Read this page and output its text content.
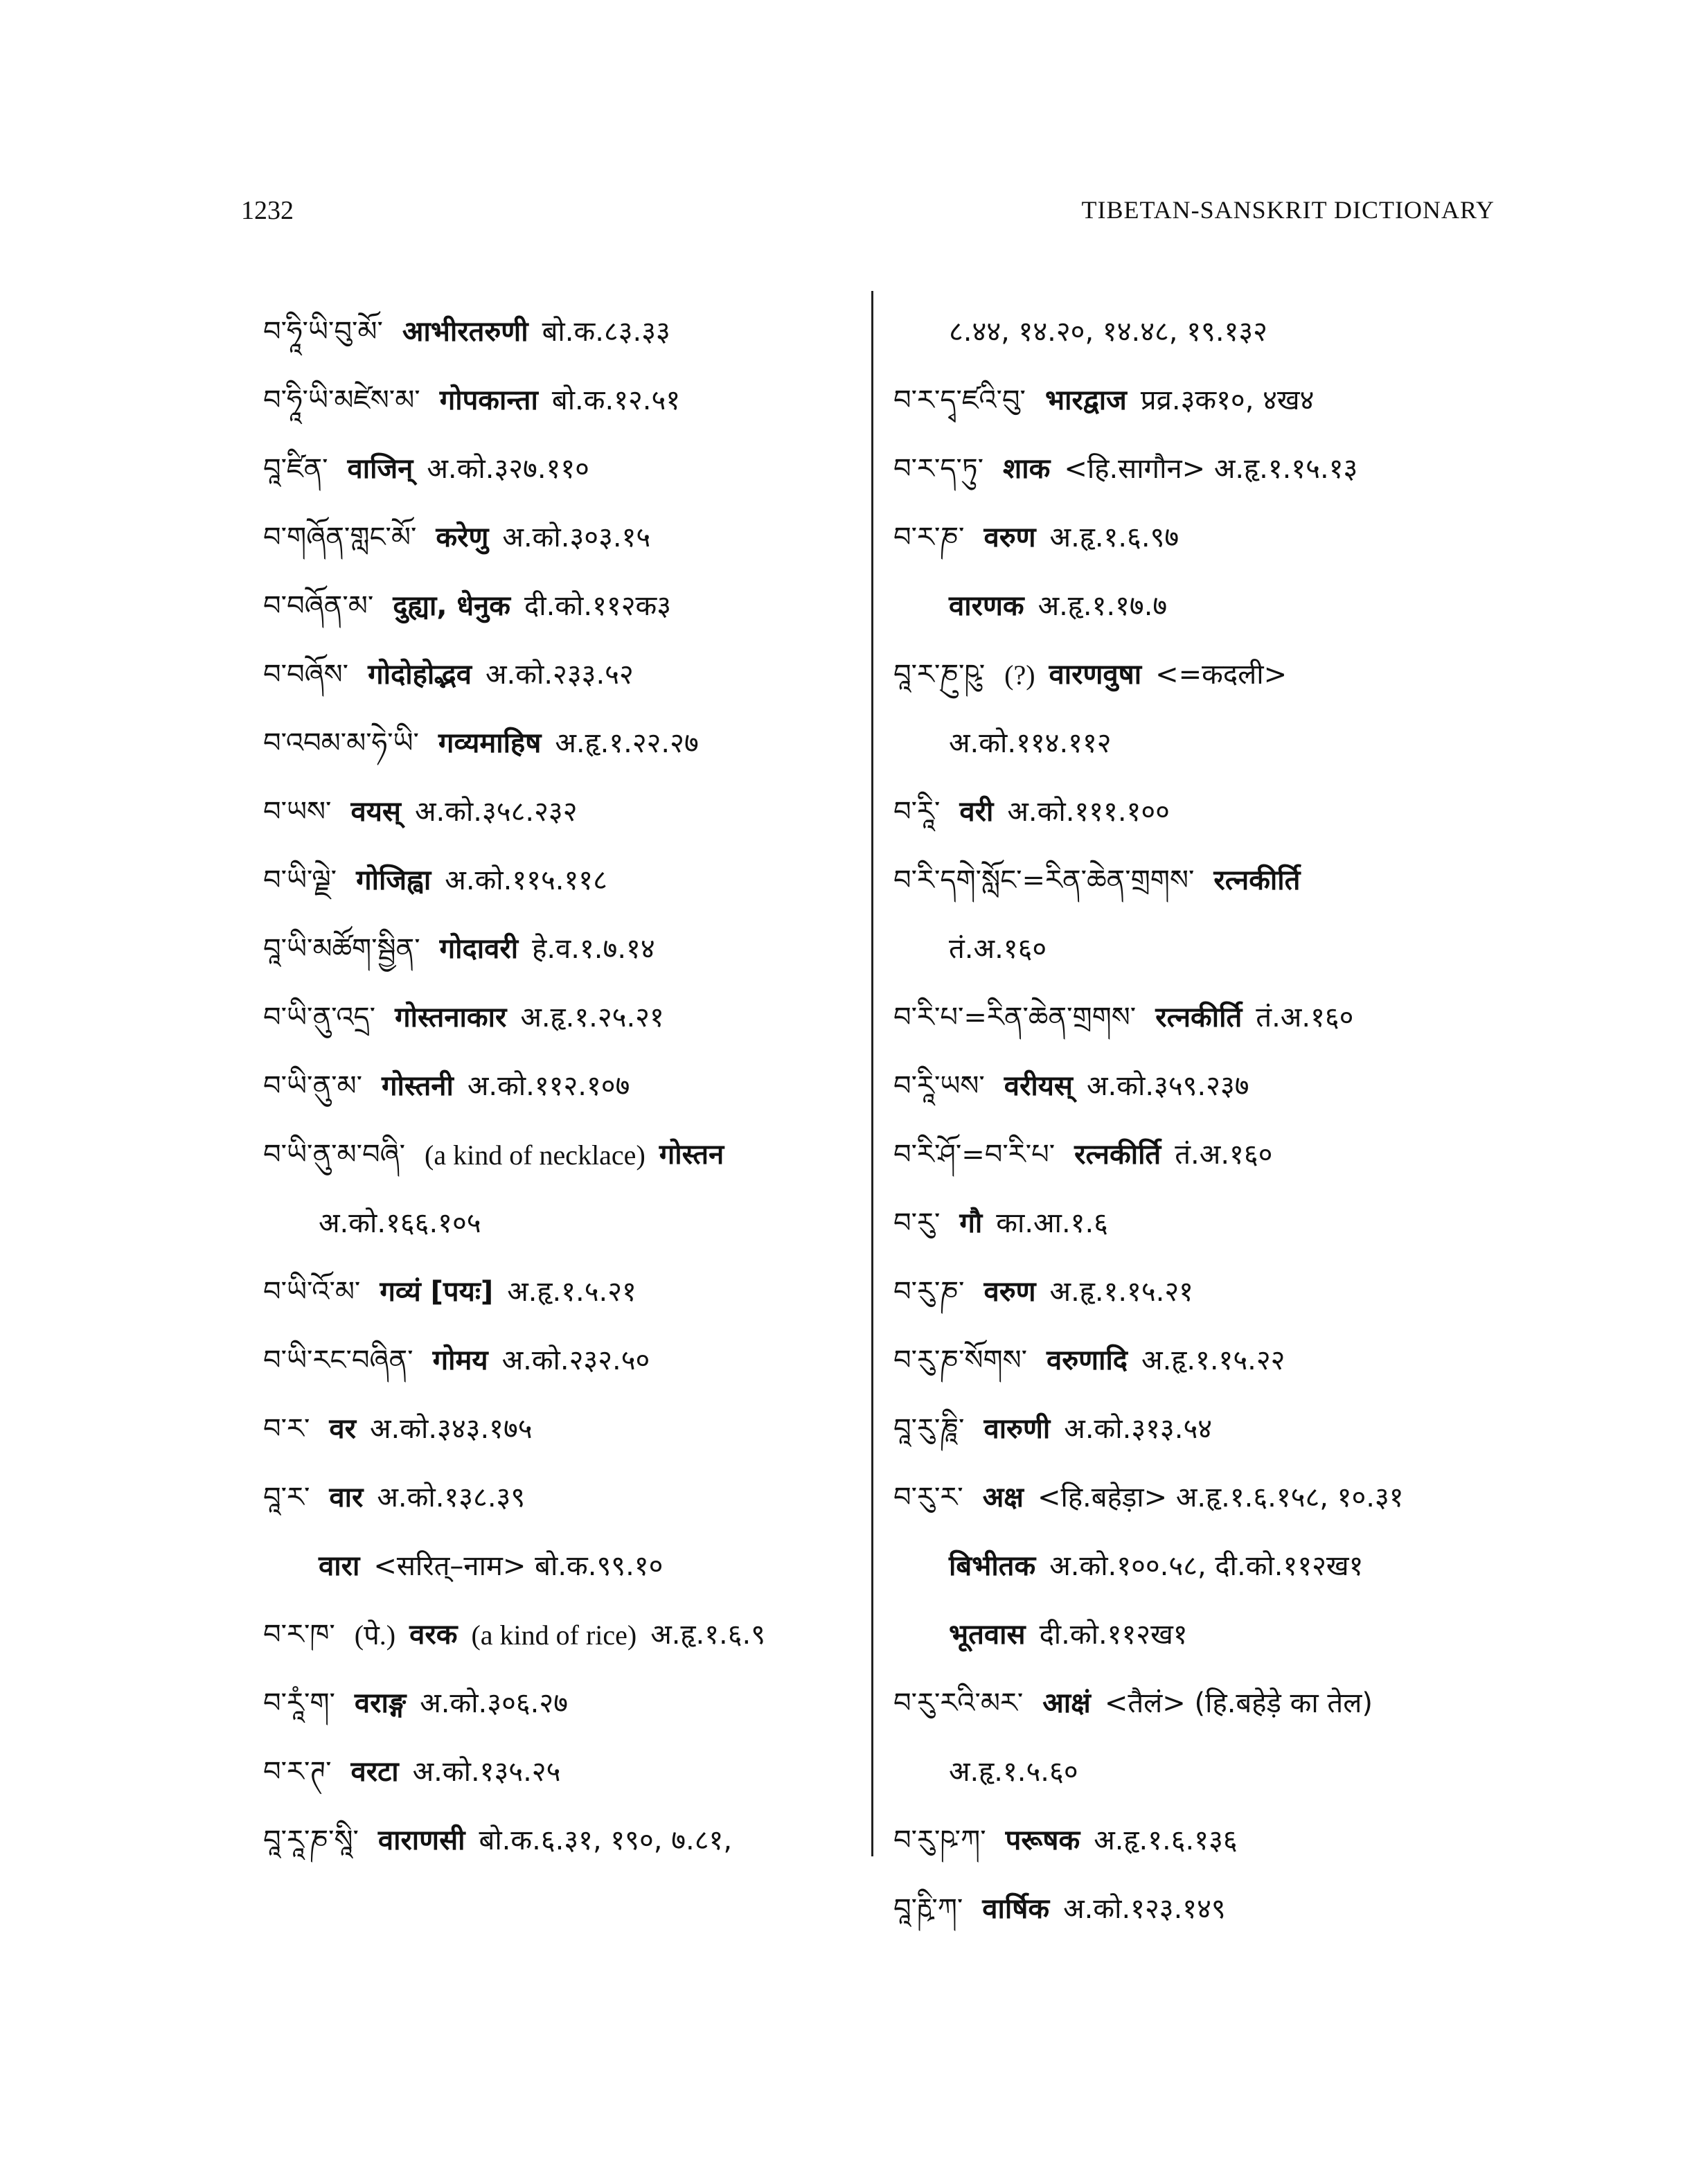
1232	TIBETAN-SANSKRIT DICTIONARY
བ་ཧཱི་ཡི་བུ་མོ་ आभीरतरुणी बो.क.८३.३३
བ་ཧཱི་ཡི་མཛེས་མ་ गोपकान्ता बो.क.१२.५१
བཱ་ཛིན་ वाजिन् अ.को.३२७.११०
བ་གཞོན་གླང་མོ་ करेणु अ.को.३०३.१५
བ་བཞོན་མ་ दुह्या, धेनुक दी.को.११२क३
བ་བཞོས་ गोदोहोद्भव अ.को.२३३.५२
བ་འབམ་མ་ཧེ་ཡི་ गव्यमाहिष अ.हृ.१.२२.२७
བ་ཡས་ वयस् अ.को.३५८.२३२
བ་ཡི་ལྗེ་ गोजिह्वा अ.को.११५.११८
བཱ་ཡི་མཚོག་སྦྱིན་ गोदावरी हे.व.१.७.१४
བ་ཡི་ནུ་འདྲ་ गोस्तनाकार अ.हृ.१.२५.२१
བ་ཡི་ནུ་མ་ गोस्तनी अ.को.११२.१०७
བ་ཡི་ནུ་མ་བཞི་ (a kind of necklace) गोस्तन
अ.को.१६६.१०५
བ་ཡི་འོ་མ་ गव्यं [पयः] अ.हृ.१.५.२१
བ་ཡི་རང་བཞིན་ गोमय अ.को.२३२.५०
བ་ར་ वर अ.को.३४३.१७५
བཱ་ར་ वार अ.को.१३८.३९
वारा <सरित्–नाम> बो.क.९९.१०
བ་ར་ཁ་ (पे.) वरक (a kind of rice) अ.हृ.१.६.९
བ་རཱཾ་ག་ वराङ्ग अ.को.३०६.२७
བ་ར་ཊ་ वरटा अ.को.१३५.२५
བཱ་རཱ་ཎ་སཱི་ वाराणसी बो.क.६.३१, १९०, ७.८१,
८.४४, १४.२०, १४.४८, १९.१३२
བ་ར་དྭ་ཛའི་བུ་ भारद्वाज प्रव्र.३क१०, ४ख४
བ་ར་ད་ཏུ་ शाक <हि.सागौन> अ.हृ.१.१५.१३
བ་ར་ཎ་ वरुण अ.हृ.१.६.९७
वारणक अ.हृ.१.१७.७
བཱ་ར་ཎུ་ཥུ་ (?) वारणवुषा <=कदली>
अ.को.११४.११२
བ་རཱི་ वरी अ.को.१११.१००
བ་རི་དགེ་སློང་=རིན་ཆེན་གྲགས་ रत्नकीर्ति
तं.अ.१६०
བ་རི་པ་=རིན་ཆེན་གྲགས་ रत्नकीर्ति तं.अ.१६०
བ་རཱི་ཡས་ वरीयस् अ.को.३५९.२३७
བ་རི་ཤོ་=བ་རི་པ་ रत्नकीर्ति तं.अ.१६०
བ་རུ་ गौ का.आ.१.६
བ་རུ་ཎ་ वरुण अ.हृ.१.१५.२१
བ་རུ་ཎ་སོགས་ वरुणादि अ.हृ.१.१५.२२
བཱ་རུ་ཎཱི་ वारुणी अ.को.३१३.५४
བ་རུ་ར་ अक्ष <हि.बहेड़ा> अ.हृ.१.६.१५८, १०.३१
बिभीतक अ.को.१००.५८, दी.को.११२ख१
भूतवास दी.को.११२ख१
བ་རུ་རའི་མར་ आक्षं <तैलं> (हि.बहेड़े का तेल)
अ.हृ.१.५.६०
བ་རུ་ཥ་ཀ་ परूषक अ.हृ.१.६.१३६
བཱ་རྵི་ཀ་ वार्षिक अ.को.१२३.१४९
